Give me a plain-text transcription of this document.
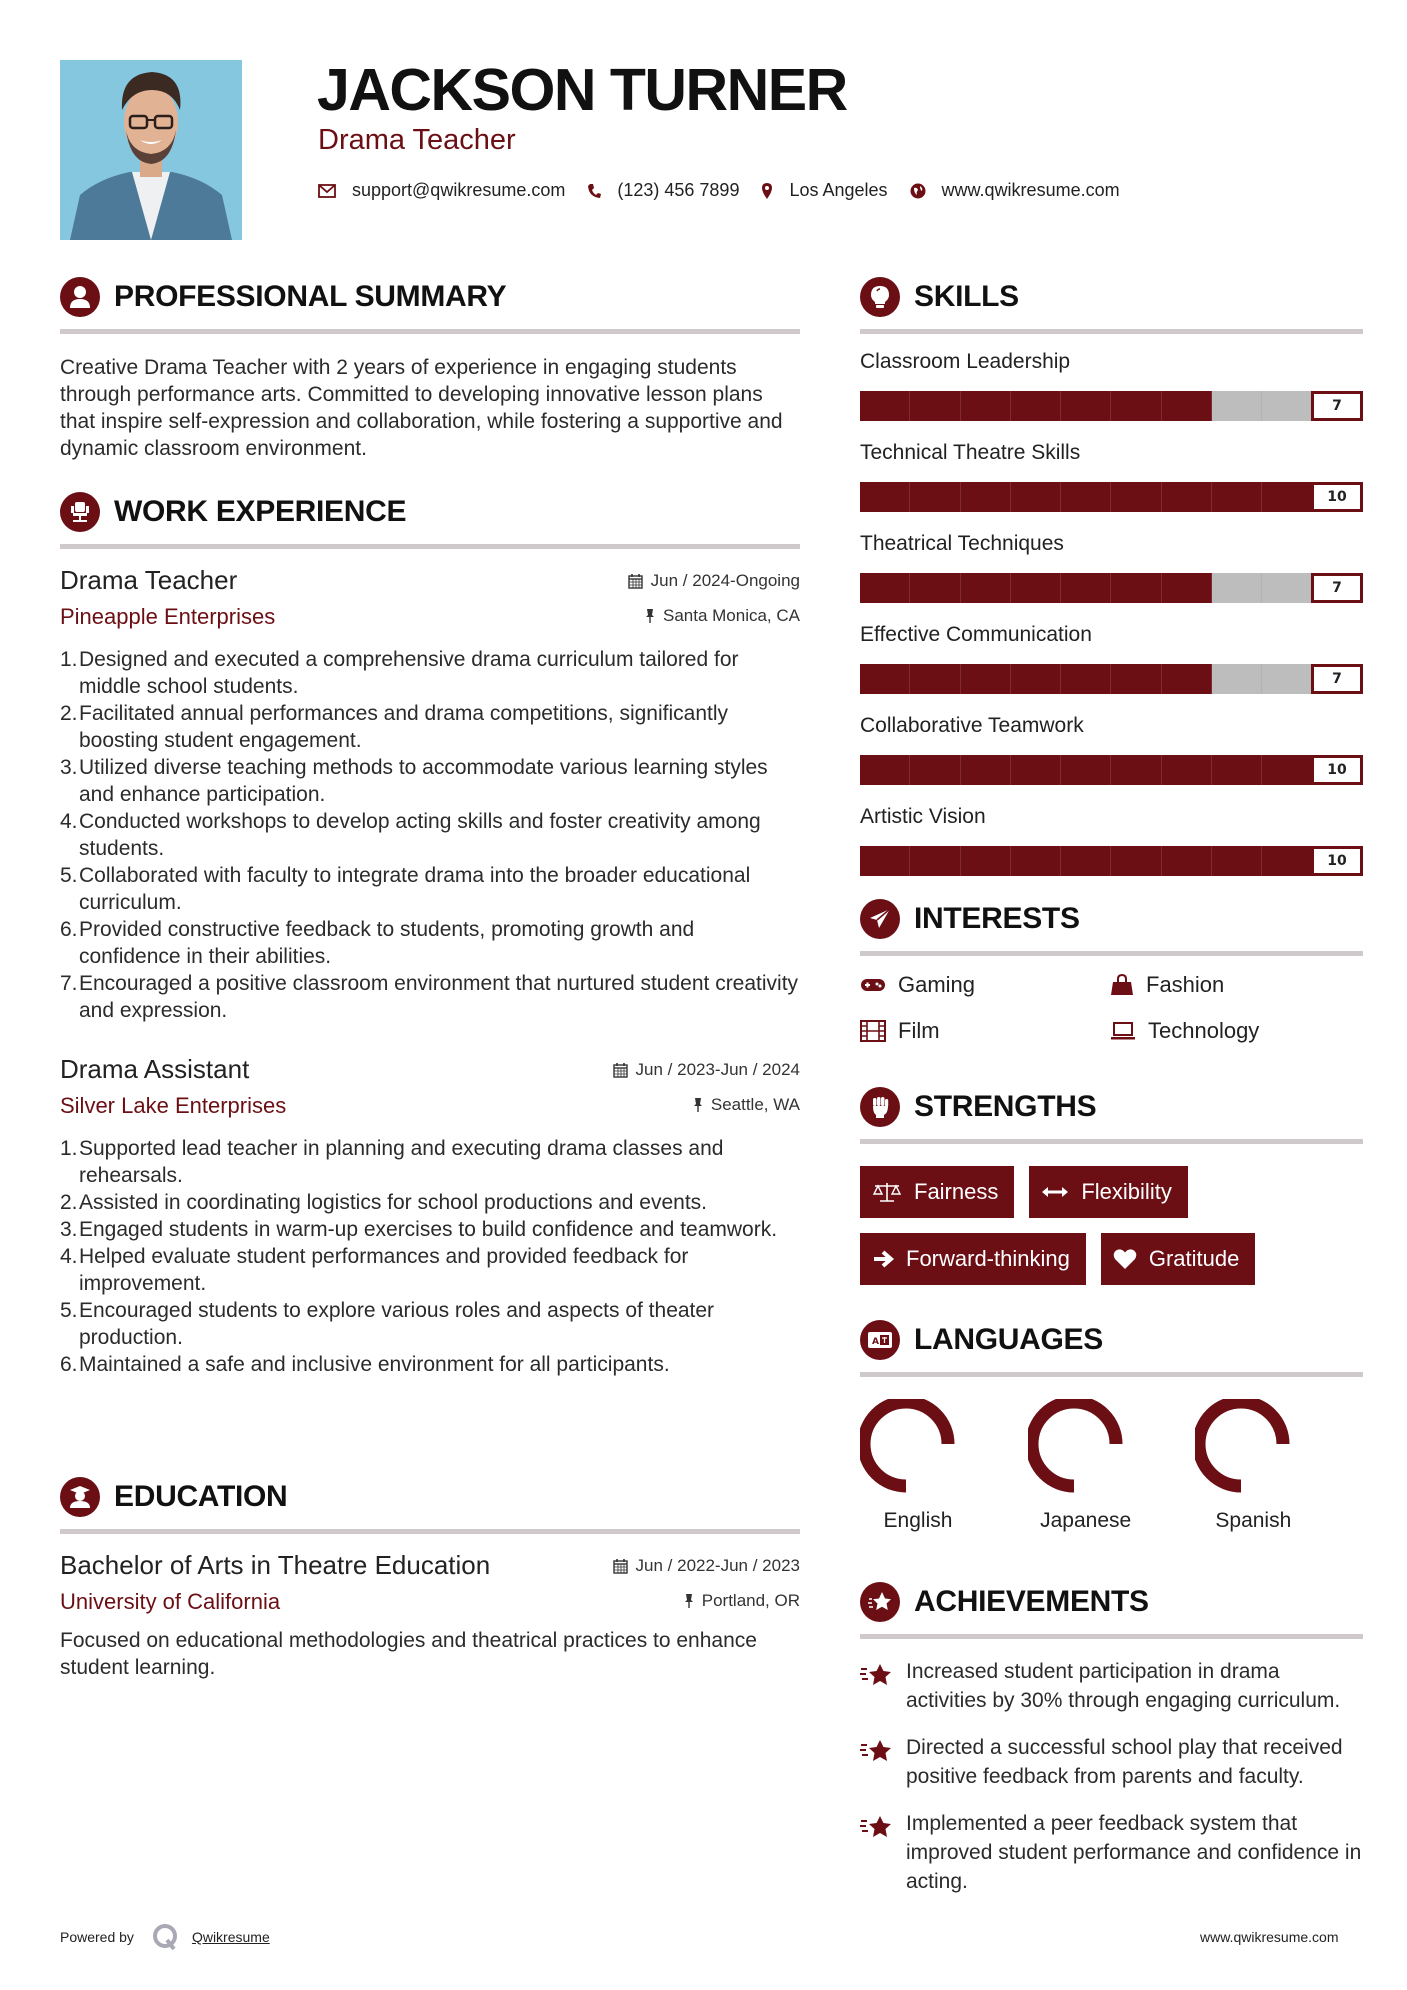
JACKSON TURNER
Drama Teacher
support@qwikresume.com	(123) 456 7899	Los Angeles	www.qwikresume.com
PROFESSIONAL SUMMARY

Creative Drama Teacher with 2 years of experience in engaging students through performance arts. Committed to developing innovative lesson plans that inspire self-expression and collaboration, while fostering a supportive and dynamic classroom environment.

WORK EXPERIENCE
Drama Teacher	Jun / 2024-Ongoing
Pineapple Enterprises	Santa Monica, CA
1. Designed and executed a comprehensive drama curriculum tailored for middle school students.
2. Facilitated annual performances and drama competitions, significantly boosting student engagement.
3. Utilized diverse teaching methods to accommodate various learning styles and enhance participation.
4. Conducted workshops to develop acting skills and foster creativity among students.
5. Collaborated with faculty to integrate drama into the broader educational curriculum.
6. Provided constructive feedback to students, promoting growth and confidence in their abilities.
7. Encouraged a positive classroom environment that nurtured student creativity and expression.
Drama Assistant	Jun / 2023-Jun / 2024
Silver Lake Enterprises	Seattle, WA
1. Supported lead teacher in planning and executing drama classes and rehearsals.
2. Assisted in coordinating logistics for school productions and events.
3. Engaged students in warm-up exercises to build confidence and teamwork.
4. Helped evaluate student performances and provided feedback for improvement.
5. Encouraged students to explore various roles and aspects of theater production.
6. Maintained a safe and inclusive environment for all participants.
EDUCATION
Bachelor of Arts in Theatre Education	Jun / 2022-Jun / 2023
University of California	Portland, OR

Focused on educational methodologies and theatrical practices to enhance student learning.

SKILLS
Classroom Leadership
7
Technical Theatre Skills
10
Theatrical Techniques
7
Effective Communication
7
Collaborative Teamwork
10
Artistic Vision
10
INTERESTS
Gaming	Fashion
Film	Technology
STRENGTHS
Fairness	Flexibility
Forward-thinking	Gratitude
A LANGUAGES
English	Japanese	Spanish
ACHIEVEMENTS
Increased student participation in drama activities by 30% through engaging curriculum.
Directed a successful school play that received positive feedback from parents and faculty.
Implemented a peer feedback system that improved student performance and confidence in acting.
Powered by	Qwikresume	www.qwikresume.com
